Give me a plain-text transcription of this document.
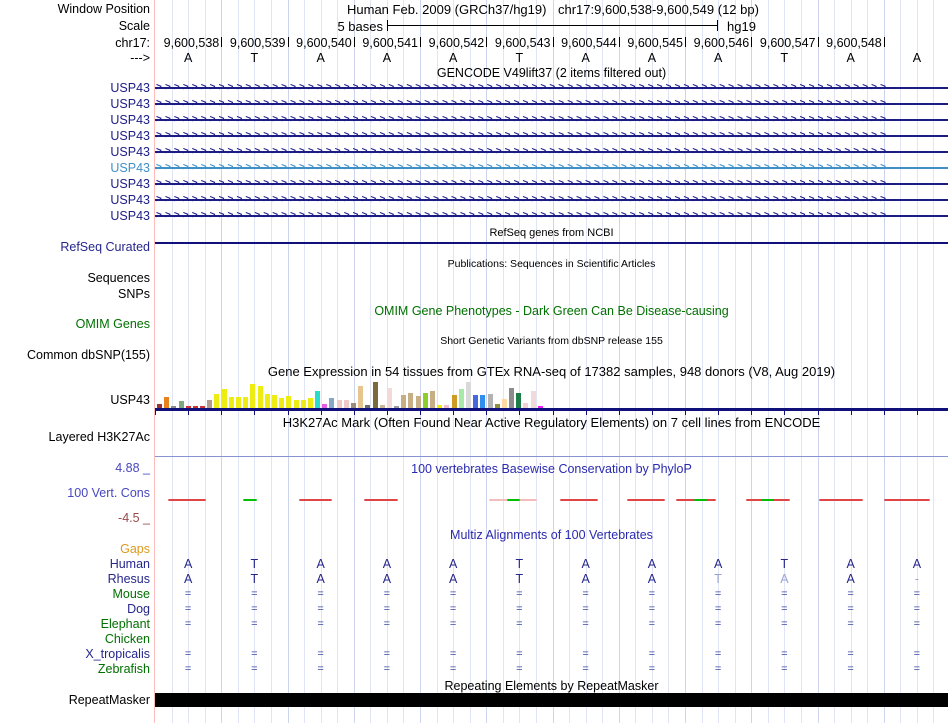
Window Position	Human Feb. 2009 (GRCh37/hg19) chr17:9,600,538-9,600,549 (12 bp)
Scale	5 bases	hg19
chr17:	9,600,538 9,600,539 9,600,540 9,600,541 9,600,542 9,600,543 9,600,544 9,600,545 9,600,546 9,600,547 9,600,548
--->	A	T	A	A	A	T	A	A	A	T	A	A
GENCODE V49lift37 (2 items filtered out)
USP43 >>>>>>>>>>>>>>>>>>>>>>>>>>>>>>>>>>>>>>>>>>>>>>>>>>>>>>>>>>>>>>>>>>>>>>>>>>>>>>>>>>
USP43 >>>>>>>>>>>>>>>>>>>>>>>>>>>>>>>>>>>>>>>>>>>>>>>>>>>>>>>>>>>>>>>>>>>>>>>>>>>>>>>>>>
USP43 >>>>>>>>>>>>>>>>>>>>>>>>>>>>>>>>>>>>>>>>>>>>>>>>>>>>>>>>>>>>>>>>>>>>>>>>>>>>>>>>>>
USP43 >>>>>>>>>>>>>>>>>>>>>>>>>>>>>>>>>>>>>>>>>>>>>>>>>>>>>>>>>>>>>>>>>>>>>>>>>>>>>>>>>>
USP43 >>>>>>>>>>>>>>>>>>>>>>>>>>>>>>>>>>>>>>>>>>>>>>>>>>>>>>>>>>>>>>>>>>>>>>>>>>>>>>>>>>
USP43 >>>>>>>>>>>>>>>>>>>>>>>>>>>>>>>>>>>>>>>>>>>>>>>>>>>>>>>>>>>>>>>>>>>>>>>>>>>>>>>>>>
USP43 >>>>>>>>>>>>>>>>>>>>>>>>>>>>>>>>>>>>>>>>>>>>>>>>>>>>>>>>>>>>>>>>>>>>>>>>>>>>>>>>>>
USP43 >>>>>>>>>>>>>>>>>>>>>>>>>>>>>>>>>>>>>>>>>>>>>>>>>>>>>>>>>>>>>>>>>>>>>>>>>>>>>>>>>>
USP43 >>>>>>>>>>>>>>>>>>>>>>>>>>>>>>>>>>>>>>>>>>>>>>>>>>>>>>>>>>>>>>>>>>>>>>>>>>>>>>>>>>
RefSeq genes from NCBI
RefSeq Curated
Publications: Sequences in Scientific Articles
Sequences
SNPs
OMIM Gene Phenotypes - Dark Green Can Be Disease-causing
OMIM Genes
Short Genetic Variants from dbSNP release 155
Common dbSNP(155)
Gene Expression in 54 tissues from GTEx RNA-seq of 17382 samples, 948 donors (V8, Aug 2019)
USP43
H3K27Ac Mark (Often Found Near Active Regulatory Elements) on 7 cell lines from ENCODE
Layered H3K27Ac
100 vertebrates Basewise Conservation by PhyloP
4.88 _
100 Vert. Cons
-4.5 _
Multiz Alignments of 100 Vertebrates
Gaps
Human	A	T	A	A	A	T	A	A	A	T	A	A
Rhesus	A	T	A	A	A	T	A	A	T	A	A	-
Mouse	=	=	=	=	=	=	=	=	=	=	=	=
Dog	=	=	=	=	=	=	=	=	=	=	=	=
Elephant	=	=	=	=	=	=	=	=	=	=	=	=
Chicken
X_tropicalis	=	=	=	=	=	=	=	=	=	=	=	=
Zebrafish	=	=	=	=	=	=	=	=	=	=	=	=
Repeating Elements by RepeatMasker
RepeatMasker
